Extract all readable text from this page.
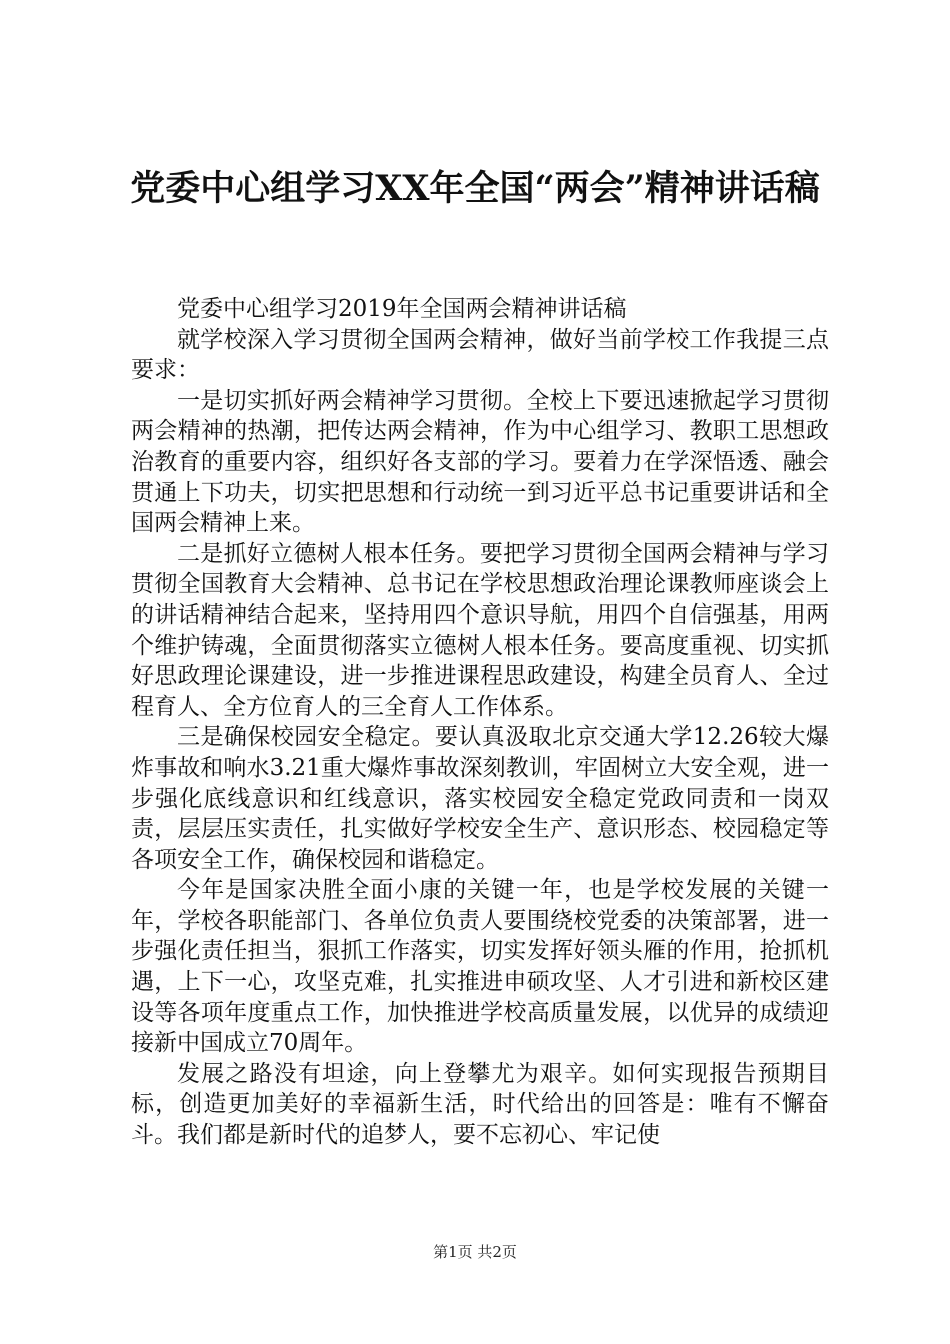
党委中心组学习XX年全国“两会”精神讲话稿

党委中心组学习2019年全国两会精神讲话稿

就学校深入学习贯彻全国两会精神，做好当前学校工作我提三点要求：

一是切实抓好两会精神学习贯彻。全校上下要迅速掀起学习贯彻两会精神的热潮，把传达两会精神，作为中心组学习、教职工思想政治教育的重要内容，组织好各支部的学习。要着力在学深悟透、融会贯通上下功夫，切实把思想和行动统一到习近平总书记重要讲话和全国两会精神上来。

二是抓好立德树人根本任务。要把学习贯彻全国两会精神与学习贯彻全国教育大会精神、总书记在学校思想政治理论课教师座谈会上的讲话精神结合起来，坚持用四个意识导航，用四个自信强基，用两个维护铸魂，全面贯彻落实立德树人根本任务。要高度重视、切实抓好思政理论课建设，进一步推进课程思政建设，构建全员育人、全过程育人、全方位育人的三全育人工作体系。

三是确保校园安全稳定。要认真汲取北京交通大学12.26较大爆炸事故和响水3.21重大爆炸事故深刻教训，牢固树立大安全观，进一步强化底线意识和红线意识，落实校园安全稳定党政同责和一岗双责，层层压实责任，扎实做好学校安全生产、意识形态、校园稳定等各项安全工作，确保校园和谐稳定。

今年是国家决胜全面小康的关键一年，也是学校发展的关键一年，学校各职能部门、各单位负责人要围绕校党委的决策部署，进一步强化责任担当，狠抓工作落实，切实发挥好领头雁的作用，抢抓机遇，上下一心，攻坚克难，扎实推进申硕攻坚、人才引进和新校区建设等各项年度重点工作，加快推进学校高质量发展，以优异的成绩迎接新中国成立70周年。

发展之路没有坦途，向上登攀尤为艰辛。如何实现报告预期目标，创造更加美好的幸福新生活，时代给出的回答是：唯有不懈奋斗。我们都是新时代的追梦人，要不忘初心、牢记使

第1页 共2页
